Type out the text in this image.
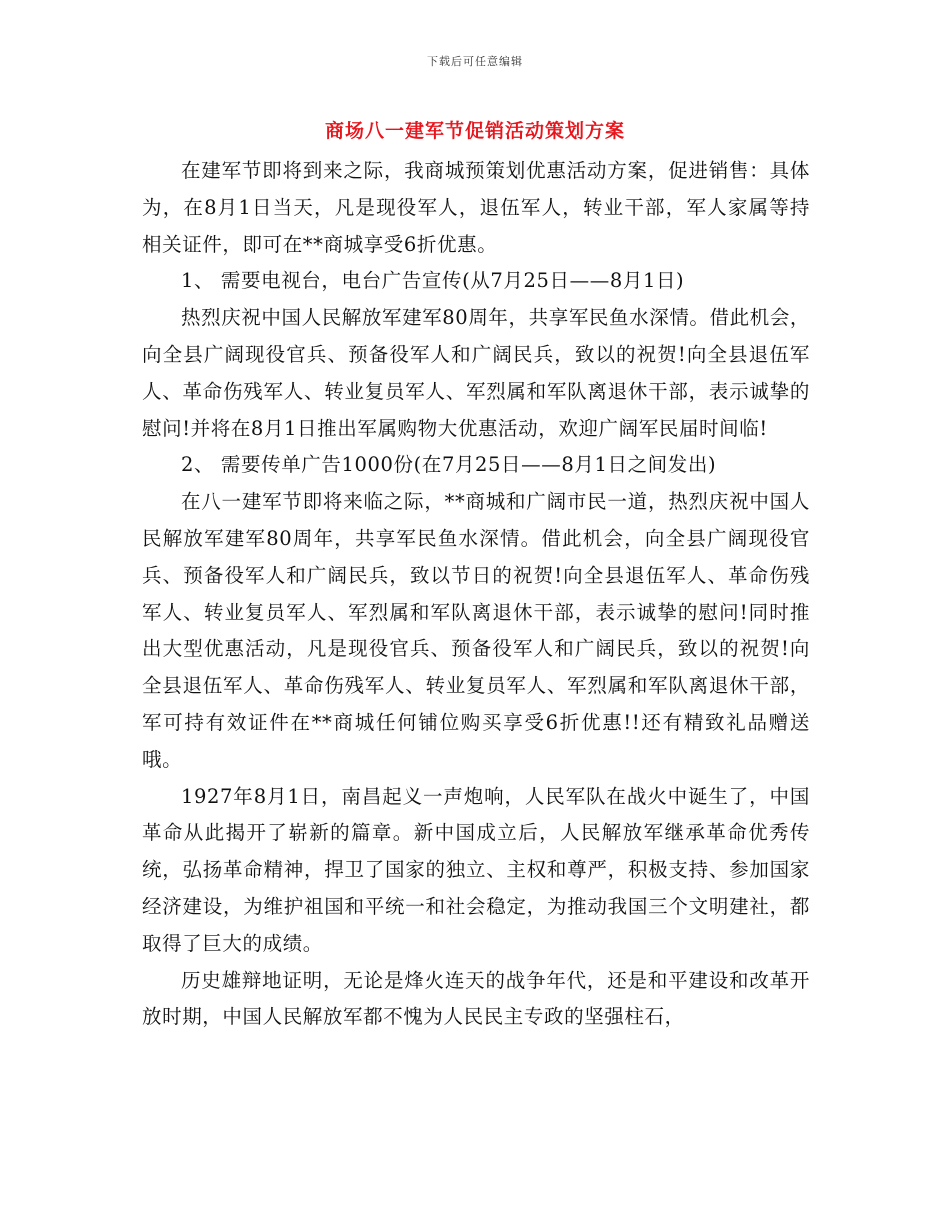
下载后可任意编辑
商场八一建军节促销活动策划方案

在建军节即将到来之际，我商城预策划优惠活动方案，促进销售：具体为，在8月1日当天，凡是现役军人，退伍军人，转业干部，军人家属等持相关证件，即可在**商城享受6折优惠。

1、 需要电视台，电台广告宣传(从7月25日——8月1日)

热烈庆祝中国人民解放军建军80周年，共享军民鱼水深情。借此机会，向全县广阔现役官兵、预备役军人和广阔民兵，致以的祝贺!向全县退伍军人、革命伤残军人、转业复员军人、军烈属和军队离退休干部，表示诚挚的慰问!并将在8月1日推出军属购物大优惠活动，欢迎广阔军民届时间临!

2、 需要传单广告1000份(在7月25日——8月1日之间发出)

在八一建军节即将来临之际，**商城和广阔市民一道，热烈庆祝中国人民解放军建军80周年，共享军民鱼水深情。借此机会，向全县广阔现役官兵、预备役军人和广阔民兵，致以节日的祝贺!向全县退伍军人、革命伤残军人、转业复员军人、军烈属和军队离退休干部，表示诚挚的慰问!同时推出大型优惠活动，凡是现役官兵、预备役军人和广阔民兵，致以的祝贺!向全县退伍军人、革命伤残军人、转业复员军人、军烈属和军队离退休干部，军可持有效证件在**商城任何铺位购买享受6折优惠!!还有精致礼品赠送哦。

1927年8月1日，南昌起义一声炮响，人民军队在战火中诞生了，中国革命从此揭开了崭新的篇章。新中国成立后，人民解放军继承革命优秀传统，弘扬革命精神，捍卫了国家的独立、主权和尊严，积极支持、参加国家经济建设，为维护祖国和平统一和社会稳定，为推动我国三个文明建社，都取得了巨大的成绩。

历史雄辩地证明，无论是烽火连天的战争年代，还是和平建设和改革开放时期，中国人民解放军都不愧为人民民主专政的坚强柱石，
